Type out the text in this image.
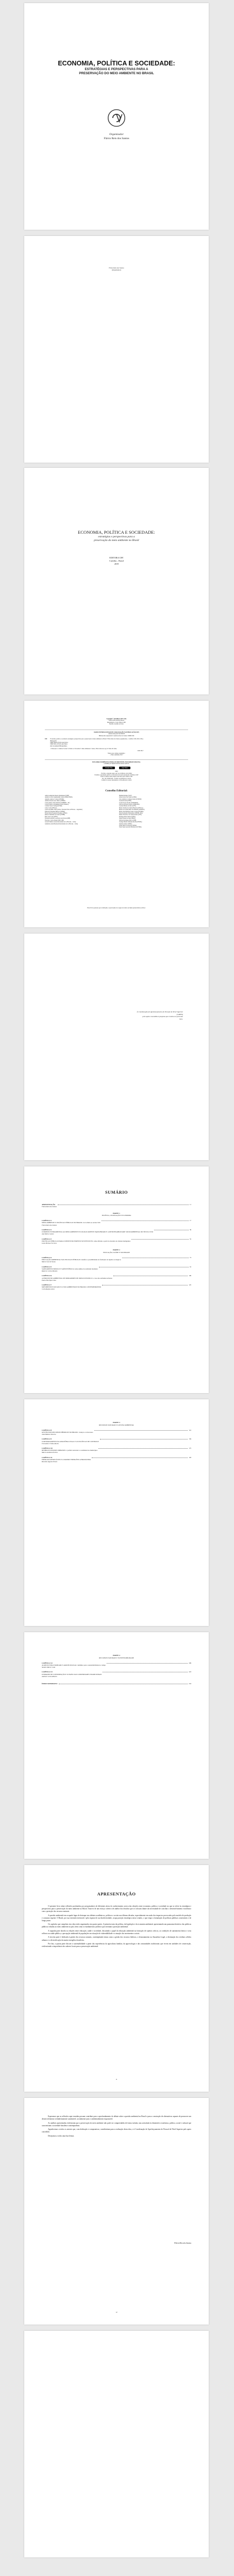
ECONOMIA, POLÍTICA E SOCIEDADE:
ESTRATÉGIAS E PERSPECTIVAS PARA A
PRESERVAÇÃO DO MEIO AMBIENTE NO BRASIL
Organizador
Flávio Reis dos Santos
Flávio Reis dos Santos
(Organizador)
ECONOMIA, POLÍTICA E SOCIEDADE:
estratégias e perspectivas para a
preservação do meio ambiente no Brasil
EDITORA CRV
Curitiba – Brasil
2019
Copyright © da Editora CRV Ltda.
Editor-chefe: Railson Moura
Diagramação e Capa: Editora CRV
Revisão: Analista de Texto
DADOS INTERNACIONAIS DE CATALOGAÇÃO NA PUBLICAÇÃO (CIP)
CATALOGAÇÃO NA FONTE
Bibliotecária responsável: Luzenira Alves dos Santos CRB9/1506
E19 Economia, política e sociedade: estratégias e perspectivas para a preservação do meio ambiente no Brasil / Flávio Reis dos Santos (organizador) – Curitiba: CRV, 2019. 236 p.
Bibliografia
ISBN Digital 978-85-444-3345-4
ISBN Físico 978-85-444-3346-1
DOI 10.24824/978854443346.1
1. Educação 2. Ciências Sociais 3. Política 4. Economia 5. Meio Ambiente I. Santos, Flávio Reis dos org. II. Título III. Série.
CDD 363.7
Índice para catálogo sistemático
1. Meio Ambiente 363.7
ESTA OBRA TAMBÉM ENCONTRA-SE DISPONÍVEL EM FORMATO DIGITAL.
CONHEÇA E BAIXE NOSSO APLICATIVO!
Google Play	App Store
2019
Foi feito o depósito legal conf. Lei 10.994 de 14/12/2004
Proibida a reprodução parcial ou total desta obra sem autorização da Editora CRV
Todos os direitos desta edição reservados pela: Editora CRV
Tel.: (41) 3039-6418 – E-mail: sac@editoracrv.com.br
Conheça os nossos lançamentos: www.editoracrv.com.br
Conselho Editorial:
Aldira Guimarães Duarte Domínguez (UNB)
Andréia da Silva Quintanilha Sousa (UNIR/UFRN)
Anselmo Alencar Colares (UFOPA)
Antônio Pereira Gaio Júnior (UFRRJ)
Carlos Alberto Vilar Estêvão (UMINHO – PT)
Carlos Federico Dominguez Avila (Unieuro)
Carmen Tereza Velanga (UNIR)
Celso Conti (UFSCar)
Cesar Gerónimo Tello (Univer. Nacional Três de Febrero – Argentina)
Eduardo Fernandes Barbosa (UFMG)
Elione Maria Nogueira Diogenes (UFAL)
Elizeu Clementino de Souza (UNEB)
Élsio José Corá (UFFS)
Fernando Antônio Gonçalves Alcoforado (IPB)
Francisco Carlos Duarte (PUC-PR)
Gloria Fariñas León (Universidade de La Havana – Cuba)
Guillermo Arias Beatón (Universidade de La Havana – Cuba)
Helmuth Krüger (UCP)
Jailson Alves dos Santos (UFRJ)
João Adalberto Campato Junior (UNESP)
Josania Portela (UFPI)
Leonel Severo Rocha (UNISINOS)
Lídia de Oliveira Xavier (UNIEURO)
Lourdes Helena da Silva (UFV)
Maria Cristina dos Santos Bezerra (UFSCar)
Maria de Lourdes Pinto de Almeida (UNOESC)
Maria Lília Imbiriba Sousa Colares (UFOPA)
Paulo Romualdo Hernandes (UNIFAL-MG)
Renato Francisco dos Santos Paula (UFG)
Rodrigo Pratte-Santos (UFES)
Sérgio Nunes de Jesus (IFRO)
Simone Rodrigues Pinto (UNB)
Solange Helena Ximenes-Rocha (UFOPA)
Sydione Santos (UEPG)
Tadeu Oliver Gonçalves (UFPA)
Tania Suely Azevedo Brasileiro (UFOPA)
Este livro passou por avaliação e aprovação às cegas de dois ou mais pareceristas ad hoc.
À Coordenação de Aperfeiçoamento de Pessoal de Nível Superior
(CAPES)
pelo apoio concedido à pesquisa que resultou no presente
livro.
SUMÁRIO
APRESENTAÇÃO
Flávio Reis dos Santos
11
PARTE 1
POLÍTICA, LEGISLAÇÃO E ECONOMIA
CAPÍTULO 1
MEIO AMBIENTE E POLÍTICAS PÚBLICAS NO BRASIL: da Colônia ao século XXI
Flávio Reis dos Santos
17
CAPÍTULO 2
O DIREITO FUNDAMENTAL AO MEIO AMBIENTE ECOLOGICAMENTE EQUILIBRADO E A RESPONSABILIDADE SOCIOAMBIENTAL DO SÉCULO XXI
Ana Maria Gomes
39
CAPÍTULO 3
POLÍTICAS PÚBLICAS PARA O DESENVOLVIMENTO SUSTENTÁVEL: uma reflexão a partir do modelo de cidades inteligentes
Lúcia Helena Ferreira
55
PARTE 2
EDUCAÇÃO, SAÚDE E SOCIEDADE
CAPÍTULO 4
EDUCAÇÃO AMBIENTAL NAS ESCOLAS PÚBLICAS: desafios e possibilidades na formação de sujeitos ecológicos
Maria José de Souza
73
CAPÍTULO 5
SANEAMENTO BÁSICO E SAÚDE PÚBLICA: uma análise da realidade brasileira
Roberto Carlos Mendes
91
CAPÍTULO 6
A PERCEPÇÃO AMBIENTAL DE MORADORES DE ÁREAS DE RISCO: o caso das enchentes urbanas
Paulo Henrique Lima
109
CAPÍTULO 7
MOVIMENTOS SOCIAIS E LUTAS AMBIENTAIS NO BRASIL CONTEMPORÂNEO
Carla Regina Alves
125
PARTE 3
RECURSOS NATURAIS E GESTÃO AMBIENTAL
CAPÍTULO 8
GESTÃO DOS RECURSOS HÍDRICOS NO BRASIL: avanços e retrocessos
João Batista Oliveira
141
CAPÍTULO 9
O DESMATAMENTO NA AMAZÔNIA LEGAL E AS POLÍTICAS DE CONTROLE
Fernanda Cristina Rocha
159
CAPÍTULO 10
RESÍDUOS SÓLIDOS URBANOS: a política nacional e a realidade dos municípios
Marcos Antônio Pereira
175
CAPÍTULO 11
ENERGIAS RENOVÁVEIS E A MATRIZ ENERGÉTICA BRASILEIRA
Ricardo Augusto Nunes
193
PARTE 4
RECURSOS NATURAIS E SUSTENTABILIDADE
CAPÍTULO 12
AGRICULTURA FAMILIAR E AGROECOLOGIA: caminhos para a sustentabilidade no campo
Sandra Maria Costa
209
CAPÍTULO 13
UNIDADES DE CONSERVAÇÃO E O PAPEL DAS COMUNIDADES TRADICIONAIS
Antônio Carlos Ribeiro
223
ÍNDICE REMISSIVO	233
APRESENTAÇÃO

O presente livro reúne reflexões produzidas por pesquisadores de diferentes áreas do conhecimento acerca das relações entre economia, política e sociedade no que se refere às estratégias e perspectivas para a preservação do meio ambiente no Brasil. Trata-se de um esforço coletivo de análise dos desafios que se colocam diante da necessidade de conciliar o desenvolvimento econômico com a proteção dos recursos naturais.

A questão ambiental tem ocupado lugar de destaque nos debates acadêmicos, políticos e sociais nas últimas décadas, especialmente em razão dos impactos provocados pelo modelo de produção e consumo vigente. O Brasil, por sua extensão territorial e pela riqueza de sua biodiversidade, ocupa posição estratégica nesse cenário, o que exige a formulação de políticas públicas consistentes e de longo prazo.

Os capítulos que compõem esta obra estão organizados em quatro partes. A primeira trata da política, da legislação e da economia ambiental, apresentando um panorama histórico das políticas públicas voltadas ao meio ambiente no país, bem como os fundamentos jurídicos que orientam a proteção ambiental.

A segunda parte aborda as relações entre educação, saúde e sociedade, discutindo o papel da educação ambiental na formação de sujeitos críticos, as condições de saneamento básico e seus reflexos na saúde pública, a percepção ambiental de populações em situação de vulnerabilidade e a atuação dos movimentos sociais.

A terceira parte é dedicada à gestão dos recursos naturais, contemplando temas como a gestão dos recursos hídricos, o desmatamento na Amazônia Legal, a destinação dos resíduos sólidos urbanos e a diversificação da matriz energética brasileira.

Por fim, a quarta parte discute a sustentabilidade a partir das experiências da agricultura familiar, da agroecologia e das comunidades tradicionais que vivem em unidades de conservação, evidenciando a importância dos saberes locais para a preservação ambiental.

11

Esperamos que as reflexões aqui reunidas possam contribuir para o aprofundamento do debate sobre a questão ambiental no Brasil e para a construção de alternativas capazes de promover um desenvolvimento verdadeiramente sustentável, socialmente justo e ambientalmente responsável.

As análises apresentadas evidenciam que a preservação do meio ambiente não pode ser compreendida de forma isolada, mas articulada às dimensões econômica, política, social e cultural que caracterizam a sociedade brasileira contemporânea.

Agradecemos a todos os autores que, com dedicação e compromisso, contribuíram para a realização desta obra, e à Coordenação de Aperfeiçoamento de Pessoal de Nível Superior pelo apoio concedido.

Desejamos a todos uma boa leitura.

Flávio Reis dos Santos
12
